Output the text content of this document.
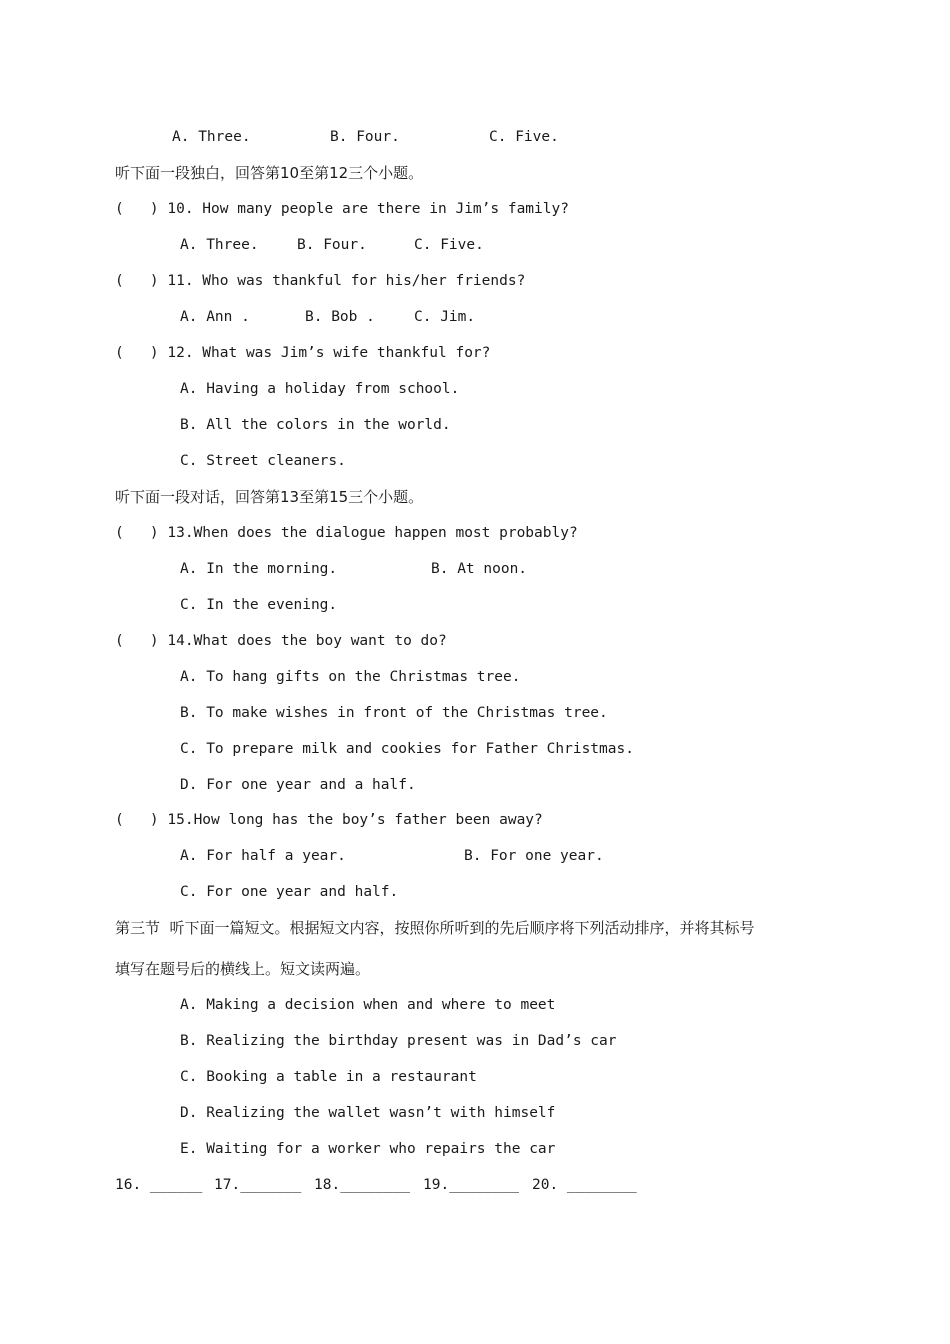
A. Three.	B. Four.	C. Five.
听下面一段独白，回答第10至第12三个小题。
(   ) 10. How many people are there in Jim’s family?
A. Three.	B. Four.	C. Five.
(   ) 11. Who was thankful for his/her friends?
A. Ann .	B. Bob .	C. Jim.
(   ) 12. What was Jim’s wife thankful for?
A. Having a holiday from school.
B. All the colors in the world.
C. Street cleaners.
听下面一段对话，回答第13至第15三个小题。
(   ) 13.When does the dialogue happen most probably?
A. In the morning.	B. At noon.
C. In the evening.
(   ) 14.What does the boy want to do?
A. To hang gifts on the Christmas tree.
B. To make wishes in front of the Christmas tree.
C. To prepare milk and cookies for Father Christmas.
D. For one year and a half.
(   ) 15.How long has the boy’s father been away?
A. For half a year.	B. For one year.
C. For one year and half.
第三节  听下面一篇短文。根据短文内容，按照你所听到的先后顺序将下列活动排序，并将其标号
填写在题号后的横线上。短文读两遍。
A. Making a decision when and where to meet
B. Realizing the birthday present was in Dad’s car
C. Booking a table in a restaurant
D. Realizing the wallet wasn’t with himself
E. Waiting for a worker who repairs the car
16. ______ 17._______ 18.________ 19.________ 20. ________
